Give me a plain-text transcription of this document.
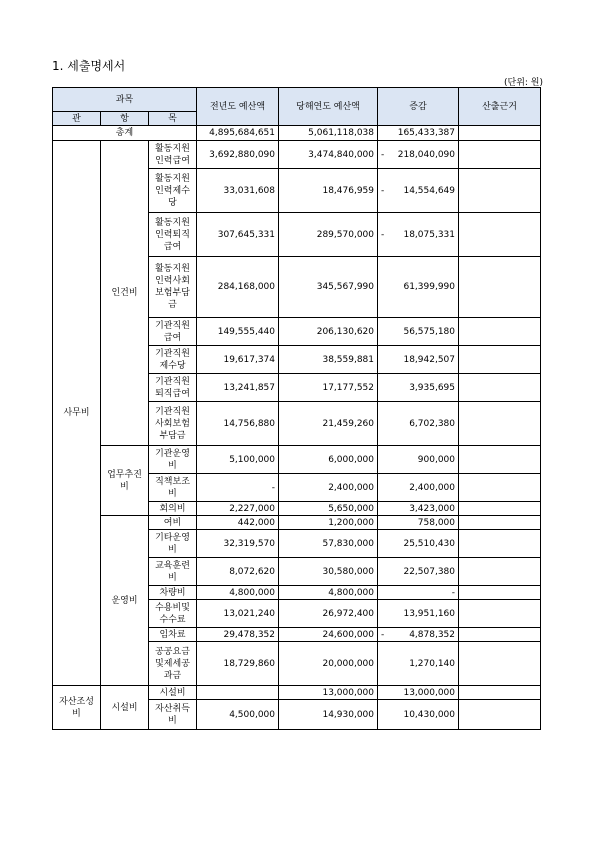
1. 세출명세서
(단위: 원)
과목			전년도 예산액	당해연도 예산액	증감	산출근거
관	항	목				
총계			4,895,684,651	5,061,118,038	165,433,387	
사무비	인건비	활동지원
인력급여	3,692,880,090	3,474,840,000	- 218,040,090	

		활동지원
인력제수
당	33,031,608	18,476,959	- 14,554,649	

		활동지원
인력퇴직
급여	307,645,331	289,570,000	- 18,075,331	

		활동지원
인력사회
보험부담
금	284,168,000	345,567,990	61,399,990	

		기관직원
급여	149,555,440	206,130,620	56,575,180	

		기관직원
제수당	19,617,374	38,559,881	18,942,507	

		기관직원
퇴직급여	13,241,857	17,177,552	3,935,695	

		기관직원
사회보험
부담금	14,756,880	21,459,260	6,702,380	

	업무추진비	기관운영
비	5,100,000	6,000,000	900,000	

		직책보조
비	-	2,400,000	2,400,000	

		회의비	2,227,000	5,650,000	3,423,000	

	운영비	여비	442,000	1,200,000	758,000	

		기타운영
비	32,319,570	57,830,000	25,510,430	

		교육훈련
비	8,072,620	30,580,000	22,507,380	

		차량비	4,800,000	4,800,000	-	

		수용비및
수수료	13,021,240	26,972,400	13,951,160	

		임차료	29,478,352	24,600,000	- 4,878,352	

		공공요금
및제세공
과금	18,729,860	20,000,000	1,270,140	

자산조성비	시설비	시설비		13,000,000	13,000,000	

		자산취득
비	4,500,000	14,930,000	10,430,000	
